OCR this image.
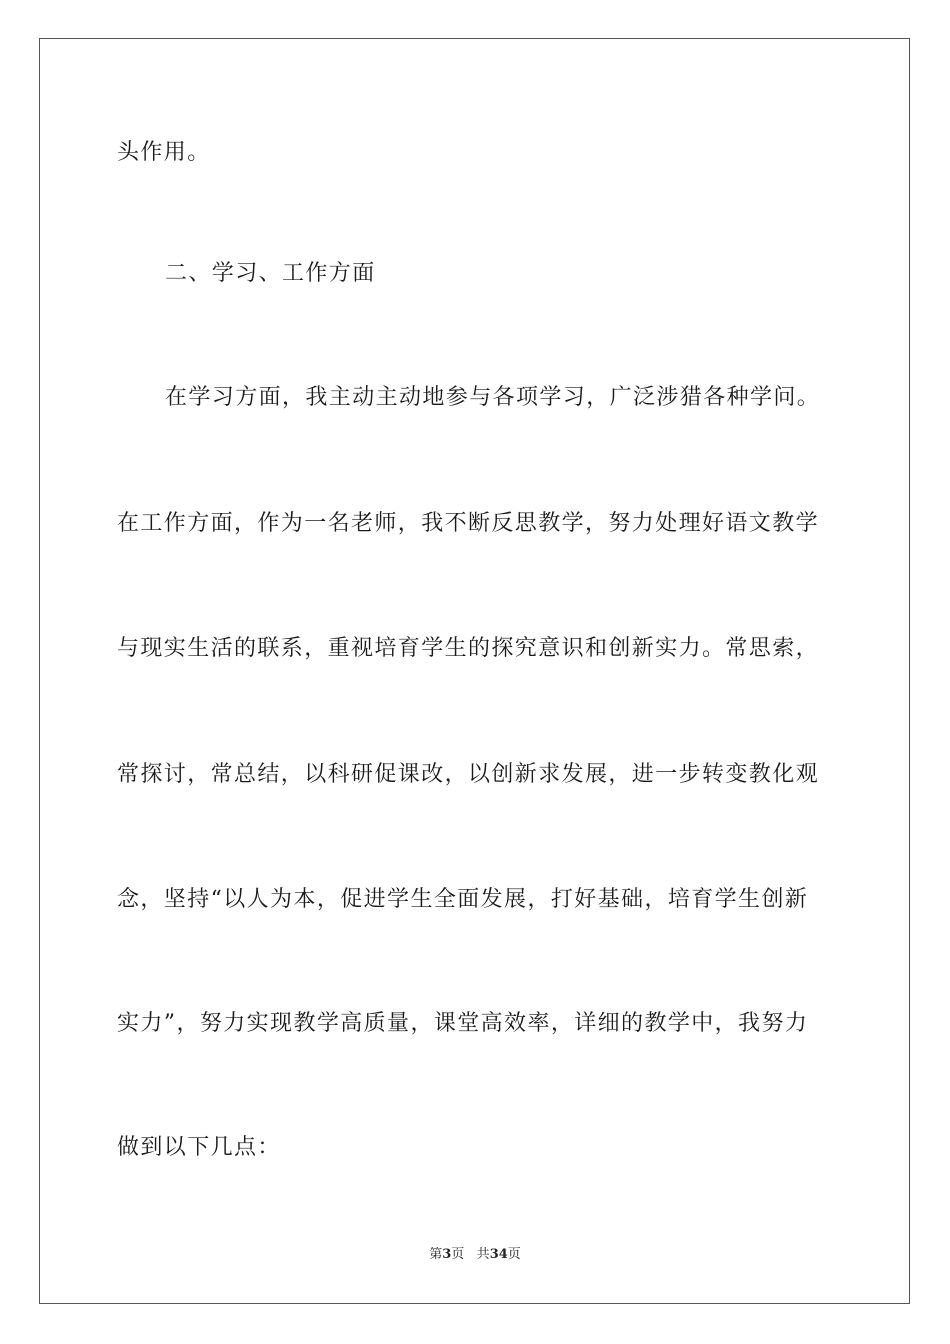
头作用。
二、学习、工作方面
在学习方面，我主动主动地参与各项学习，广泛涉猎各种学问。
在工作方面，作为一名老师，我不断反思教学，努力处理好语文教学
与现实生活的联系，重视培育学生的探究意识和创新实力。常思索，
常探讨，常总结，以科研促课改，以创新求发展，进一步转变教化观
念，坚持“以人为本，促进学生全面发展，打好基础，培育学生创新
实力”，努力实现教学高质量，课堂高效率，详细的教学中，我努力
做到以下几点：
第3页 共34页
